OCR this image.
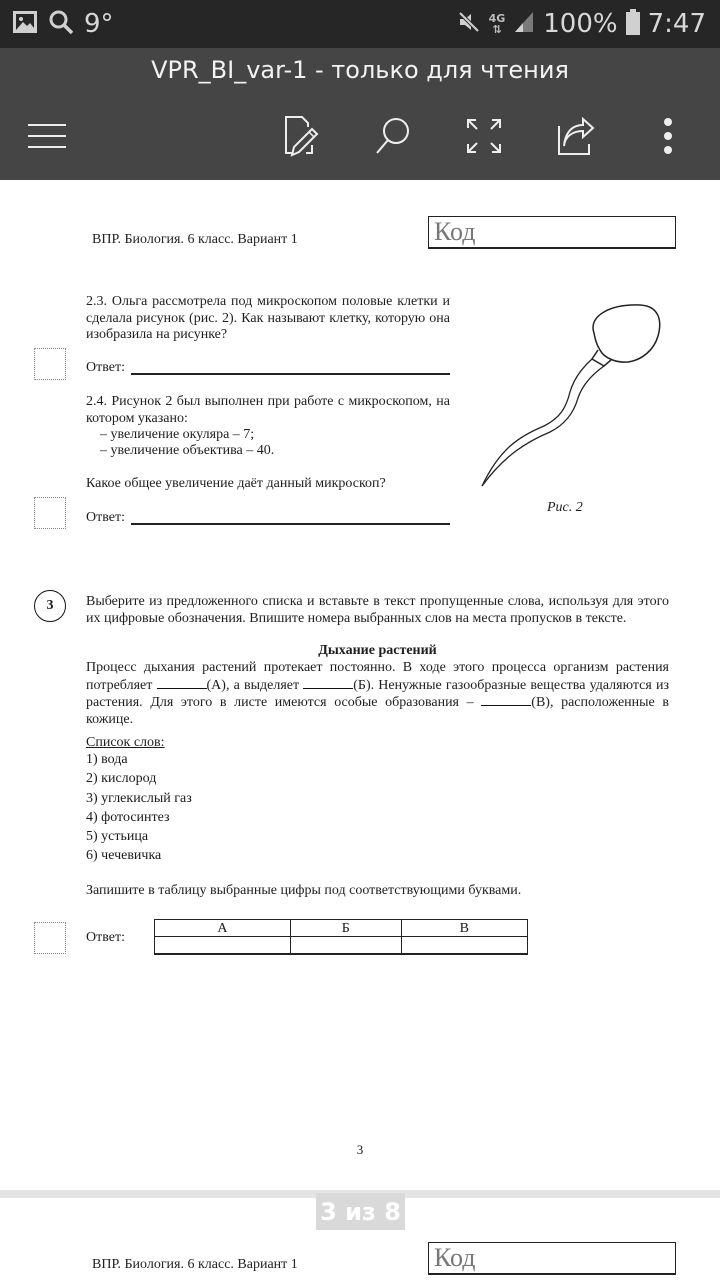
9°	4G
⇅ 100% 7:47
VPR_BI_var-1 - только для чтения
ВПР. Биология. 6 класс. Вариант 1	Код
2.3. Ольга рассмотрела под микроскопом половые клетки и сделала рисунок (рис. 2). Как называют клетку, которую она изобразила на рисунке?
Ответ:
2.4. Рисунок 2 был выполнен при работе с микроскопом, на котором указано:
– увеличение окуляра – 7;
– увеличение объектива – 40.
Какое общее увеличение даёт данный микроскоп?
Ответ:
Рис. 2
3	Выберите из предложенного списка и вставьте в текст пропущенные слова, используя для этого их цифровые обозначения. Впишите номера выбранных слов на места пропусков в тексте.
Дыхание растений
Процесс дыхания растений протекает постоянно. В ходе этого процесса организм растения потребляет	(А), а выделяет	(Б). Ненужные газообразные вещества удаляются из растения. Для этого в листе имеются особые образования –	(В), расположенные в кожице.
Список слов:
1) вода
2) кислород
3) углекислый газ
4) фотосинтез
5) устьица
6) чечевичка
Запишите в таблицу выбранные цифры под соответствующими буквами.
Ответ:
А	Б	В

3
3 из 8
ВПР. Биология. 6 класс. Вариант 1	Код
